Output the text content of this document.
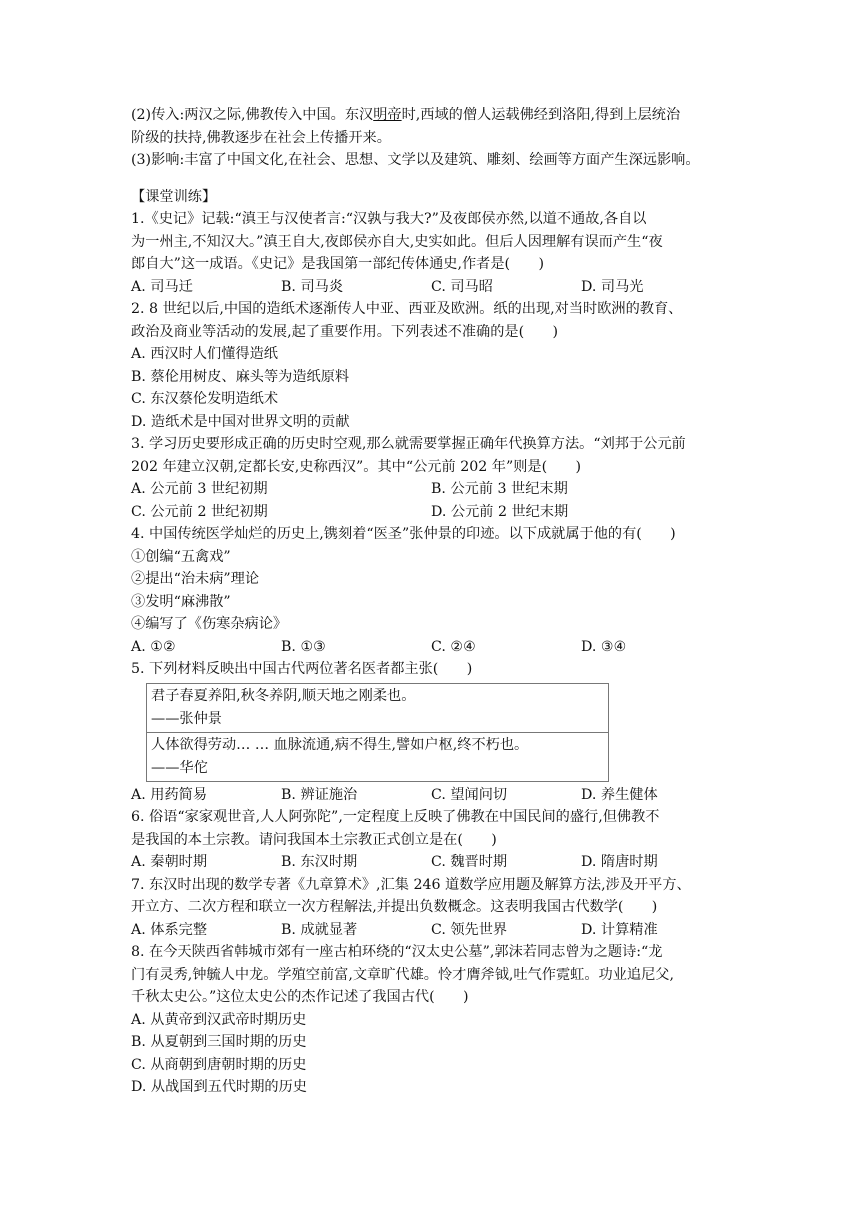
(2)传入:两汉之际,佛教传入中国。东汉明帝时,西域的僧人运载佛经到洛阳,得到上层统治
阶级的扶持,佛教逐步在社会上传播开来。
(3)影响:丰富了中国文化,在社会、思想、文学以及建筑、雕刻、绘画等方面产生深远影响。
【课堂训练】
1.《史记》记载:“滇王与汉使者言:“汉孰与我大?”及夜郎侯亦然,以道不通故,各自以
为一州主,不知汉大。”滇王自大,夜郎侯亦自大,史实如此。但后人因理解有误而产生“夜
郎自大”这一成语。《史记》是我国第一部纪传体通史,作者是(　　)
A. 司马迁	B. 司马炎	C. 司马昭	D. 司马光
2. 8 世纪以后,中国的造纸术逐渐传人中亚、西亚及欧洲。纸的出现,对当时欧洲的教育、
政治及商业等活动的发展,起了重要作用。下列表述不准确的是(　　)
A. 西汉时人们懂得造纸
B. 蔡伦用树皮、麻头等为造纸原料
C. 东汉蔡伦发明造纸术
D. 造纸术是中国对世界文明的贡献
3. 学习历史要形成正确的历史时空观,那么就需要掌握正确年代换算方法。“刘邦于公元前
202 年建立汉朝,定都长安,史称西汉”。其中“公元前 202 年”则是(　　)
A. 公元前 3 世纪初期	B. 公元前 3 世纪末期
C. 公元前 2 世纪初期	D. 公元前 2 世纪末期
4. 中国传统医学灿烂的历史上,镌刻着“医圣”张仲景的印迹。以下成就属于他的有(　　)
①创编“五禽戏”
②提出“治未病”理论
③发明“麻沸散”
④编写了《伤寒杂病论》
A. ①②	B. ①③	C. ②④	D. ③④
5. 下列材料反映出中国古代两位著名医者都主张(　　)
君子春夏养阳,秋冬养阴,顺天地之刚柔也。
——张仲景
人体欲得劳动… … 血脉流通,病不得生,譬如户枢,终不朽也。
——华佗
A. 用药简易	B. 辨证施治	C. 望闻问切	D. 养生健体
6. 俗语“家家观世音,人人阿弥陀”,一定程度上反映了佛教在中国民间的盛行,但佛教不
是我国的本土宗教。请问我国本土宗教正式创立是在(　　)
A. 秦朝时期	B. 东汉时期	C. 魏晋时期	D. 隋唐时期
7. 东汉时出现的数学专著《九章算术》,汇集 246 道数学应用题及解算方法,涉及开平方、
开立方、二次方程和联立一次方程解法,并提出负数概念。这表明我国古代数学(　　)
A. 体系完整	B. 成就显著	C. 领先世界	D. 计算精准
8. 在今天陕西省韩城市郊有一座古柏环绕的“汉太史公墓”,郭沫若同志曾为之题诗:“龙
门有灵秀,钟毓人中龙。学殖空前富,文章旷代雄。怜才膺斧钺,吐气作霓虹。功业追尼父,
千秋太史公。”这位太史公的杰作记述了我国古代(　　)
A. 从黄帝到汉武帝时期历史
B. 从夏朝到三国时期的历史
C. 从商朝到唐朝时期的历史
D. 从战国到五代时期的历史
